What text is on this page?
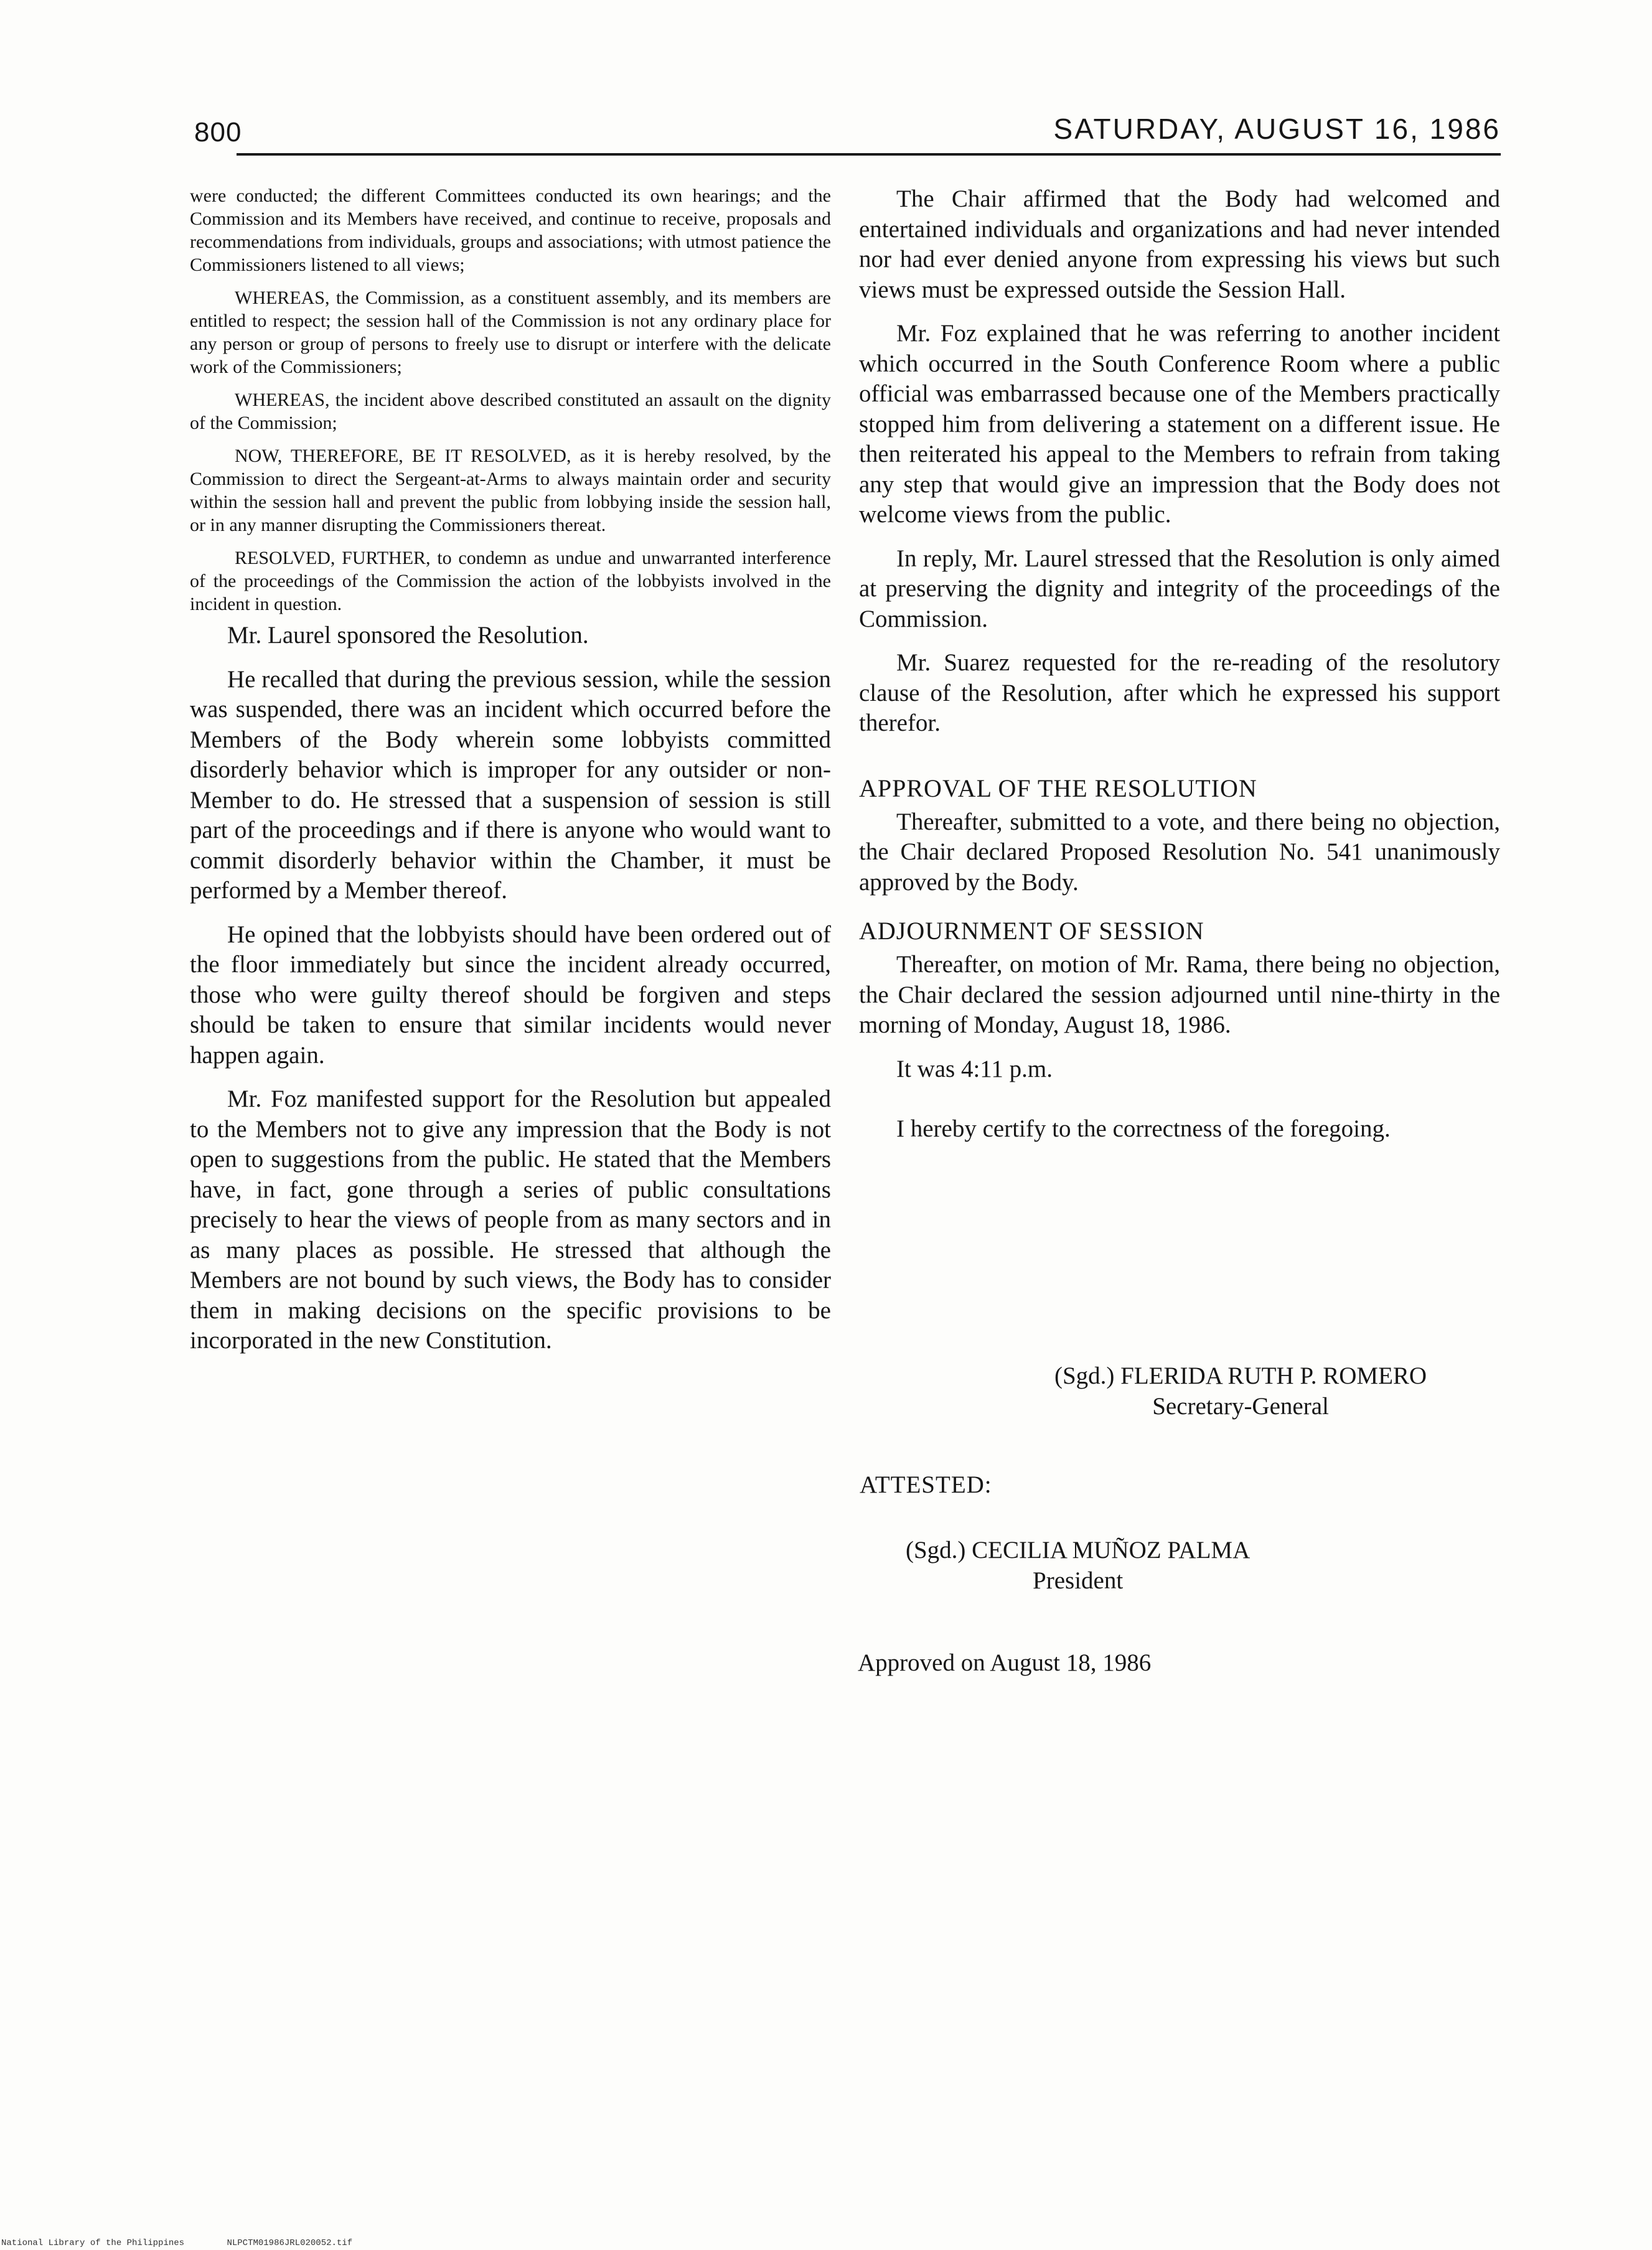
800	SATURDAY, AUGUST 16, 1986

were conducted; the different Committees conducted its own hearings; and the Commission and its Members have received, and continue to receive, proposals and recommendations from individuals, groups and associations; with utmost patience the Commissioners listened to all views;

WHEREAS, the Commission, as a constituent assembly, and its members are entitled to respect; the session hall of the Commission is not any ordinary place for any person or group of persons to freely use to disrupt or interfere with the delicate work of the Commissioners;

WHEREAS, the incident above described constituted an assault on the dignity of the Commission;

NOW, THEREFORE, BE IT RESOLVED, as it is hereby resolved, by the Commission to direct the Sergeant-at-Arms to always maintain order and security within the session hall and prevent the public from lobbying inside the session hall, or in any manner disrupting the Commissioners thereat.

RESOLVED, FURTHER, to condemn as undue and unwarranted interference of the proceedings of the Commission the action of the lobbyists involved in the incident in question.

Mr. Laurel sponsored the Resolution.

He recalled that during the previous session, while the session was suspended, there was an incident which occurred before the Members of the Body wherein some lobbyists committed disorderly behavior which is improper for any outsider or non-Member to do. He stressed that a suspension of session is still part of the proceedings and if there is anyone who would want to commit disorderly behavior within the Chamber, it must be performed by a Member thereof.

He opined that the lobbyists should have been ordered out of the floor immediately but since the incident already occurred, those who were guilty thereof should be forgiven and steps should be taken to ensure that similar incidents would never happen again.

Mr. Foz manifested support for the Resolution but appealed to the Members not to give any impression that the Body is not open to suggestions from the public. He stated that the Members have, in fact, gone through a series of public consultations precisely to hear the views of people from as many sectors and in as many places as possible. He stressed that although the Members are not bound by such views, the Body has to consider them in making decisions on the specific provisions to be incorporated in the new Constitution.

The Chair affirmed that the Body had welcomed and entertained individuals and organizations and had never intended nor had ever denied anyone from expressing his views but such views must be expressed outside the Session Hall.

Mr. Foz explained that he was referring to another incident which occurred in the South Conference Room where a public official was embarrassed because one of the Members practically stopped him from delivering a statement on a different issue. He then reiterated his appeal to the Members to refrain from taking any step that would give an impression that the Body does not welcome views from the public.

In reply, Mr. Laurel stressed that the Resolution is only aimed at preserving the dignity and integrity of the proceedings of the Commission.

Mr. Suarez requested for the re-reading of the resolutory clause of the Resolution, after which he expressed his support therefor.

APPROVAL OF THE RESOLUTION

Thereafter, submitted to a vote, and there being no objection, the Chair declared Proposed Resolution No. 541 unanimously approved by the Body.

ADJOURNMENT OF SESSION

Thereafter, on motion of Mr. Rama, there being no objection, the Chair declared the session adjourned until nine-thirty in the morning of Monday, August 18, 1986.

It was 4:11 p.m.

I hereby certify to the correctness of the foregoing.

(Sgd.) FLERIDA RUTH P. ROMERO
Secretary-General
ATTESTED:
(Sgd.) CECILIA MUÑOZ PALMA
President
Approved on August 18, 1986
National Library of the Philippines	NLPCTM01986JRL020052.tif
